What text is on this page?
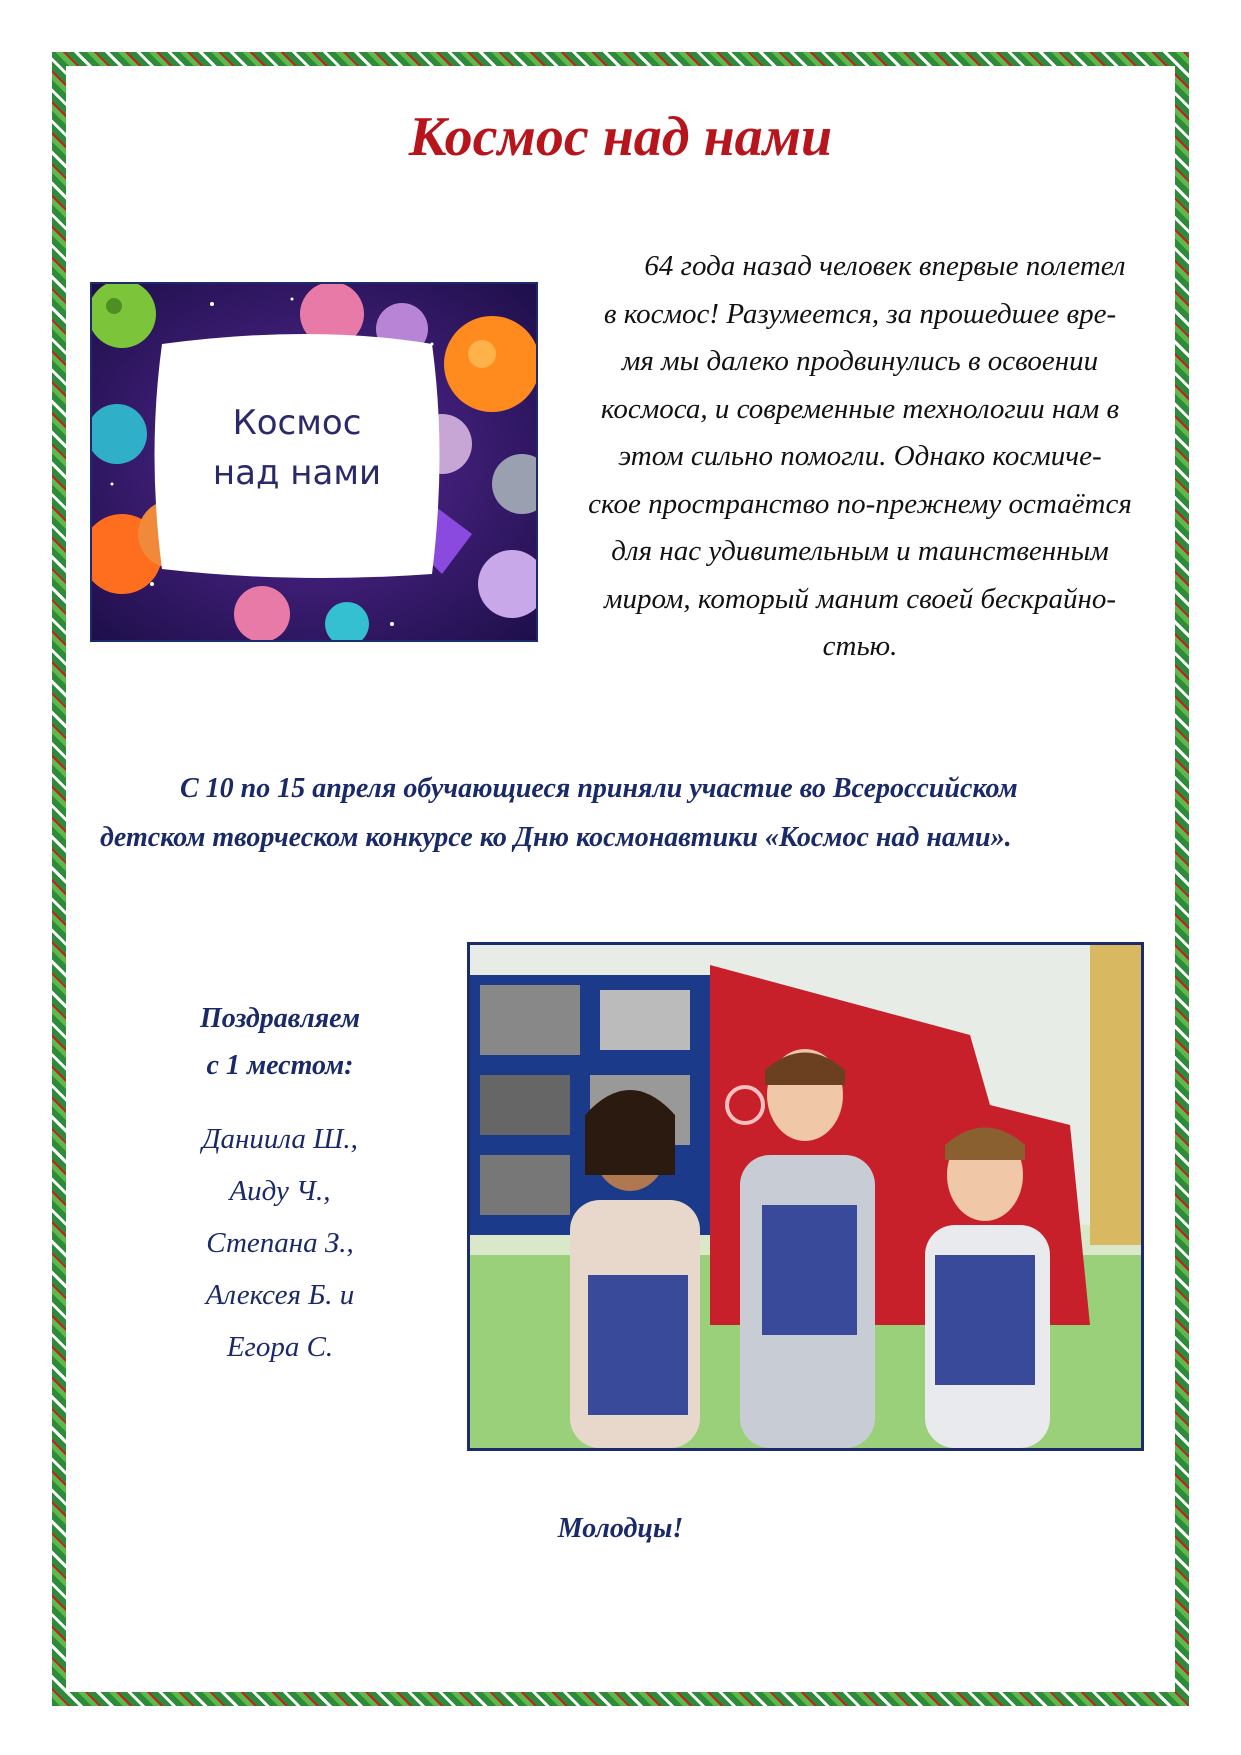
Космос над нами
Космос
над нами
64 года назад человек впервые полетел
в космос! Разумеется, за прошедшее вре-
мя мы далеко продвинулись в освоении
космоса, и современные технологии нам в
этом сильно помогли. Однако космиче-
ское пространство по-прежнему остаётся
для нас удивительным и таинственным
миром, который манит своей бескрайно-
стью.

С 10 по 15 апреля обучающиеся приняли участие во Всероссийском
детском творческом конкурсе ко Дню космонавтики «Космос над нами».

Поздравляем
с 1 местом:
Даниила Ш.,
Аиду Ч.,
Степана З.,
Алексея Б. и
Егора С.

Молодцы!
